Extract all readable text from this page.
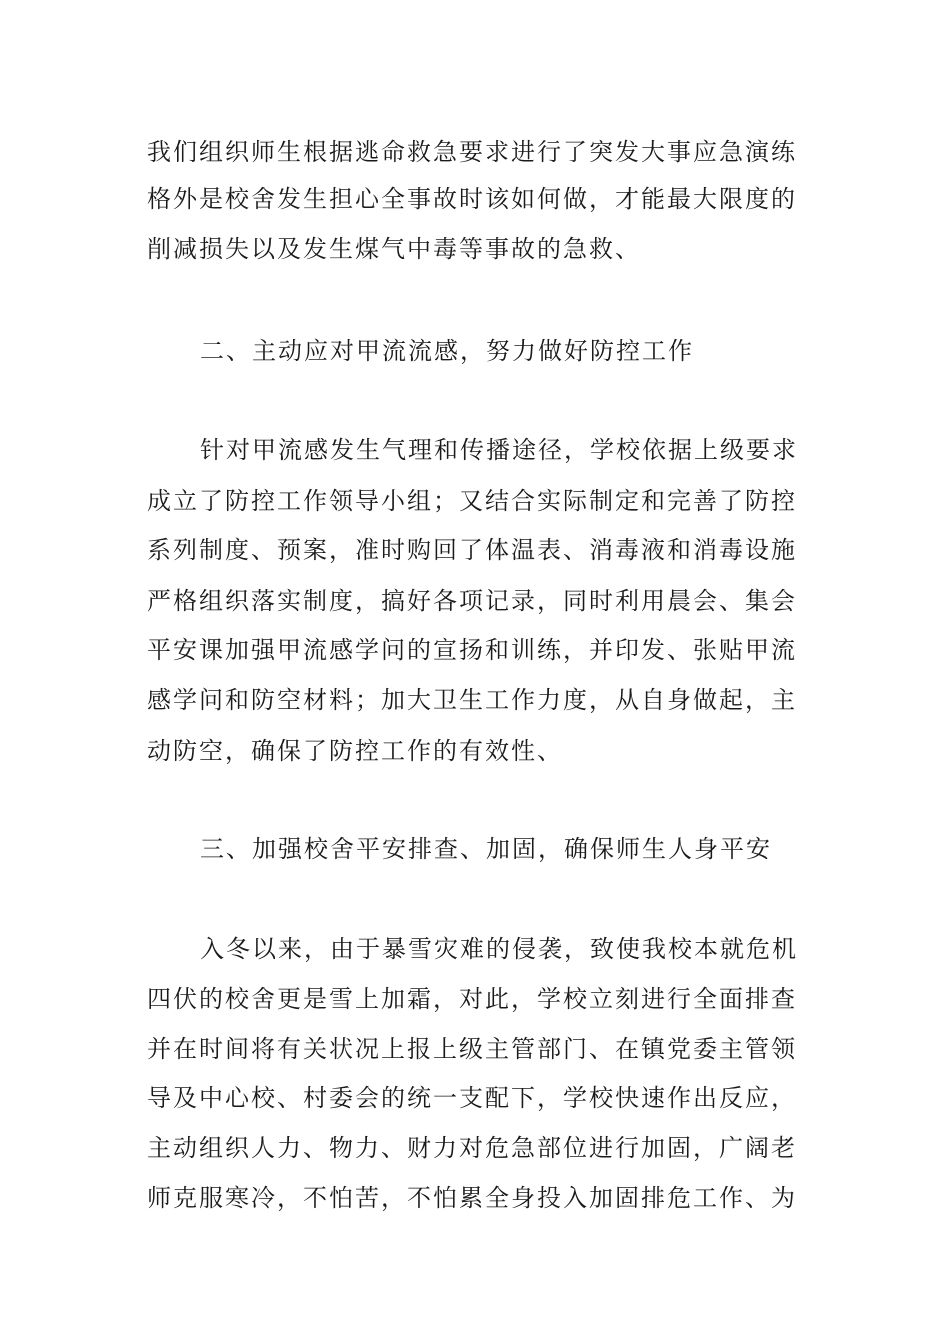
我们组织师生根据逃命救急要求进行了突发大事应急演练
格外是校舍发生担心全事故时该如何做，才能最大限度的
削减损失以及发生煤气中毒等事故的急救、
二、主动应对甲流流感，努力做好防控工作
针对甲流感发生气理和传播途径，学校依据上级要求
成立了防控工作领导小组；又结合实际制定和完善了防控
系列制度、预案，准时购回了体温表、消毒液和消毒设施
严格组织落实制度，搞好各项记录，同时利用晨会、集会
平安课加强甲流感学问的宣扬和训练，并印发、张贴甲流
感学问和防空材料；加大卫生工作力度，从自身做起，主
动防空，确保了防控工作的有效性、
三、加强校舍平安排查、加固，确保师生人身平安
入冬以来，由于暴雪灾难的侵袭，致使我校本就危机
四伏的校舍更是雪上加霜，对此，学校立刻进行全面排查
并在时间将有关状况上报上级主管部门、在镇党委主管领
导及中心校、村委会的统一支配下，学校快速作出反应，
主动组织人力、物力、财力对危急部位进行加固，广阔老
师克服寒冷，不怕苦，不怕累全身投入加固排危工作、为
